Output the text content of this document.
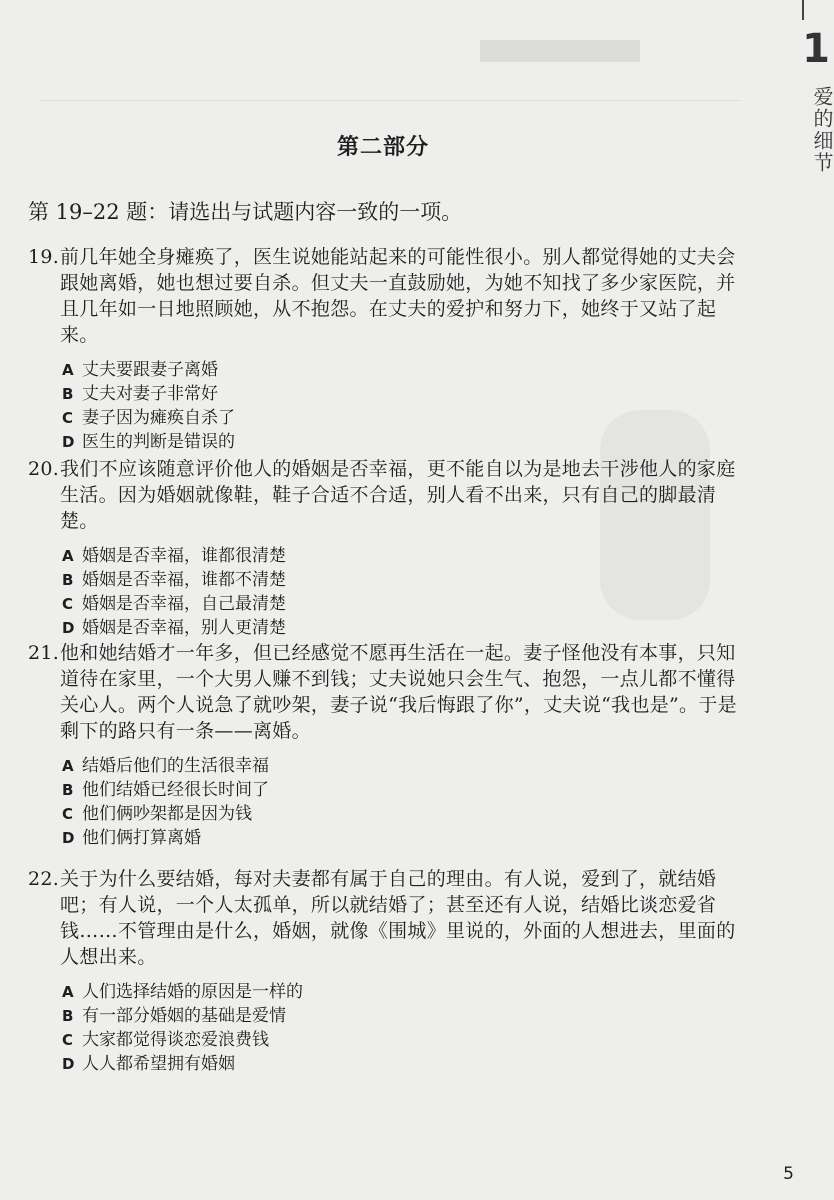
1
爱的细节
第二部分
第 19–22 题：请选出与试题内容一致的一项。

19.前几年她全身瘫痪了，医生说她能站起来的可能性很小。别人都觉得她的丈夫会跟她离婚，她也想过要自杀。但丈夫一直鼓励她，为她不知找了多少家医院，并且几年如一日地照顾她，从不抱怨。在丈夫的爱护和努力下，她终于又站了起来。

A 丈夫要跟妻子离婚
B 丈夫对妻子非常好
C 妻子因为瘫痪自杀了
D 医生的判断是错误的

20.我们不应该随意评价他人的婚姻是否幸福，更不能自以为是地去干涉他人的家庭生活。因为婚姻就像鞋，鞋子合适不合适，别人看不出来，只有自己的脚最清楚。

A 婚姻是否幸福，谁都很清楚
B 婚姻是否幸福，谁都不清楚
C 婚姻是否幸福，自己最清楚
D 婚姻是否幸福，别人更清楚

21.他和她结婚才一年多，但已经感觉不愿再生活在一起。妻子怪他没有本事，只知道待在家里，一个大男人赚不到钱；丈夫说她只会生气、抱怨，一点儿都不懂得关心人。两个人说急了就吵架，妻子说“我后悔跟了你”，丈夫说“我也是”。于是剩下的路只有一条——离婚。

A 结婚后他们的生活很幸福
B 他们结婚已经很长时间了
C 他们俩吵架都是因为钱
D 他们俩打算离婚

22.关于为什么要结婚，每对夫妻都有属于自己的理由。有人说，爱到了，就结婚吧；有人说，一个人太孤单，所以就结婚了；甚至还有人说，结婚比谈恋爱省钱……不管理由是什么，婚姻，就像《围城》里说的，外面的人想进去，里面的人想出来。

A 人们选择结婚的原因是一样的
B 有一部分婚姻的基础是爱情
C 大家都觉得谈恋爱浪费钱
D 人人都希望拥有婚姻
5
